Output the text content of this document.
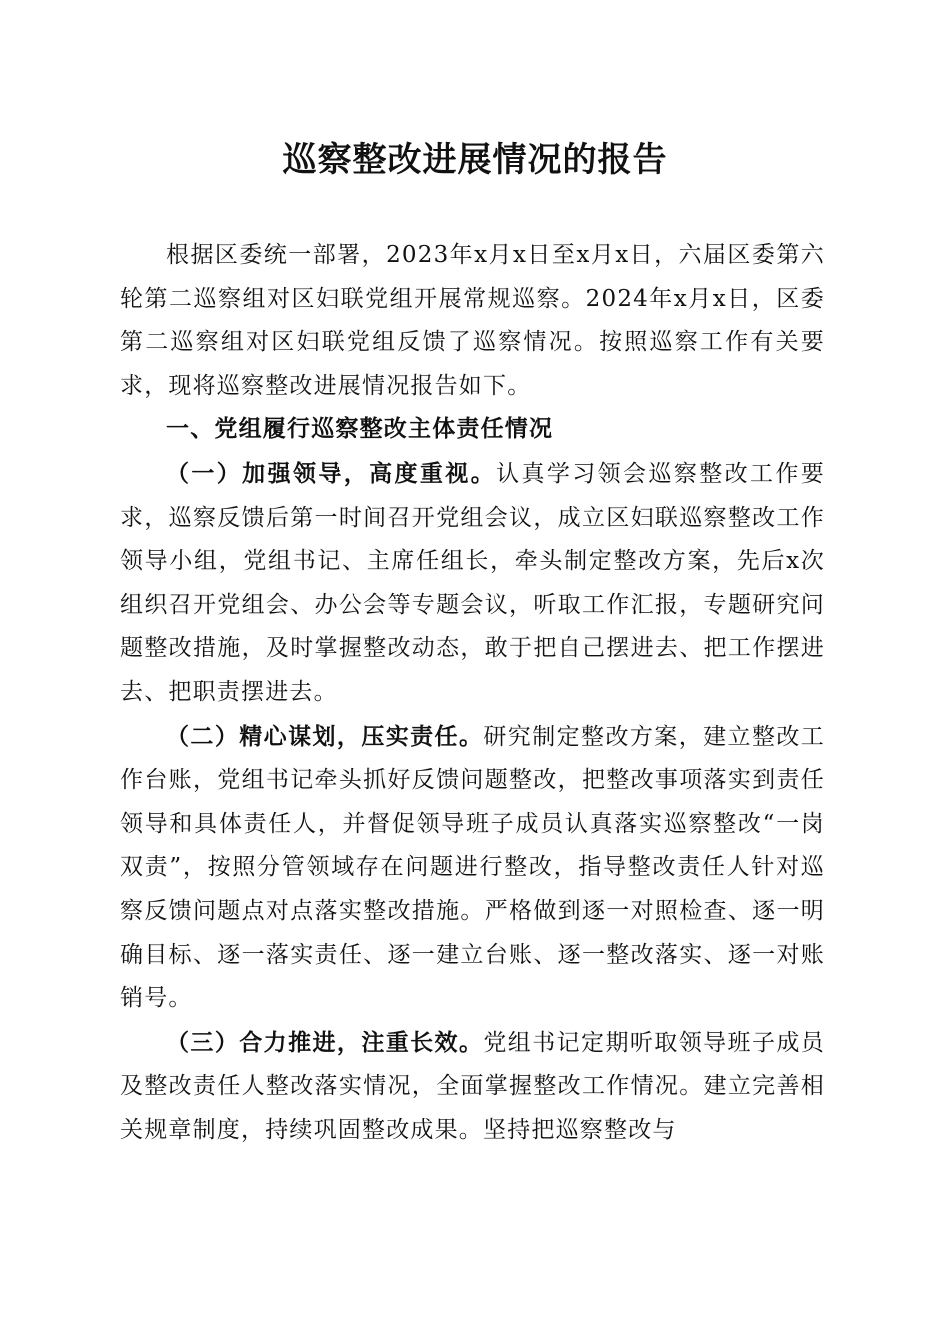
巡察整改进展情况的报告

根据区委统一部署，2023年x月x日至x月x日，六届区委第六轮第二巡察组对区妇联党组开展常规巡察。2024年x月x日，区委第二巡察组对区妇联党组反馈了巡察情况。按照巡察工作有关要求，现将巡察整改进展情况报告如下。

一、党组履行巡察整改主体责任情况

（一）加强领导，高度重视。认真学习领会巡察整改工作要求，巡察反馈后第一时间召开党组会议，成立区妇联巡察整改工作领导小组，党组书记、主席任组长，牵头制定整改方案，先后x次组织召开党组会、办公会等专题会议，听取工作汇报，专题研究问题整改措施，及时掌握整改动态，敢于把自己摆进去、把工作摆进去、把职责摆进去。

（二）精心谋划，压实责任。研究制定整改方案，建立整改工作台账，党组书记牵头抓好反馈问题整改，把整改事项落实到责任领导和具体责任人，并督促领导班子成员认真落实巡察整改“一岗双责”，按照分管领域存在问题进行整改，指导整改责任人针对巡察反馈问题点对点落实整改措施。严格做到逐一对照检查、逐一明确目标、逐一落实责任、逐一建立台账、逐一整改落实、逐一对账销号。

（三）合力推进，注重长效。党组书记定期听取领导班子成员及整改责任人整改落实情况，全面掌握整改工作情况。建立完善相关规章制度，持续巩固整改成果。坚持把巡察整改与
